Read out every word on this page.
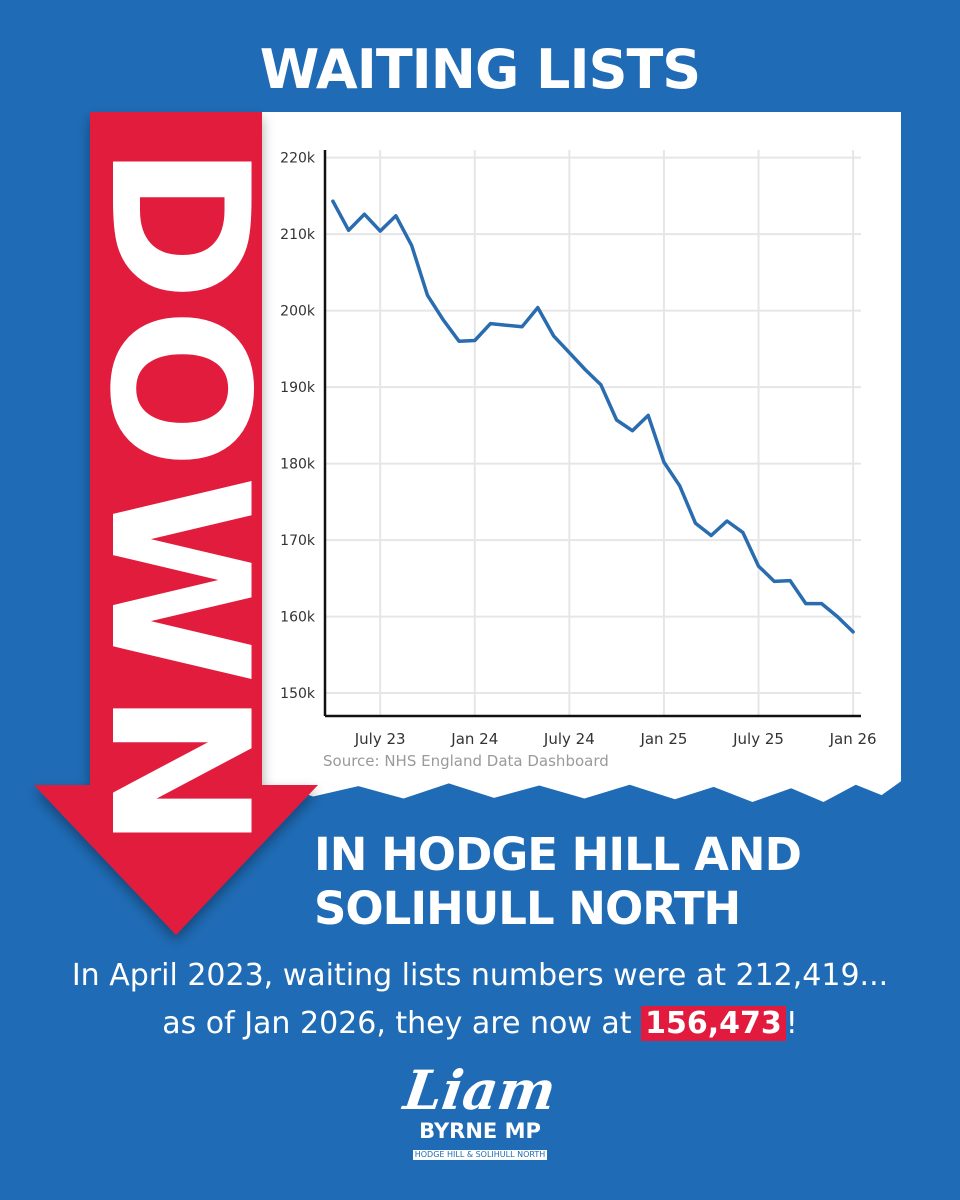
WAITING LISTS
150k
160k
170k
180k
190k
200k
210k
220k
July 23	Jan 24	July 24	Jan 25	July 25	Jan 26
Source: NHS England Data Dashboard
DOWN IN HODGE HILL AND
SOLIHULL NORTH
In April 2023, waiting lists numbers were at 212,419...
as of Jan 2026, they are now at 156,473 !
Liam
BYRNE MP
HODGE HILL & SOLIHULL NORTH
